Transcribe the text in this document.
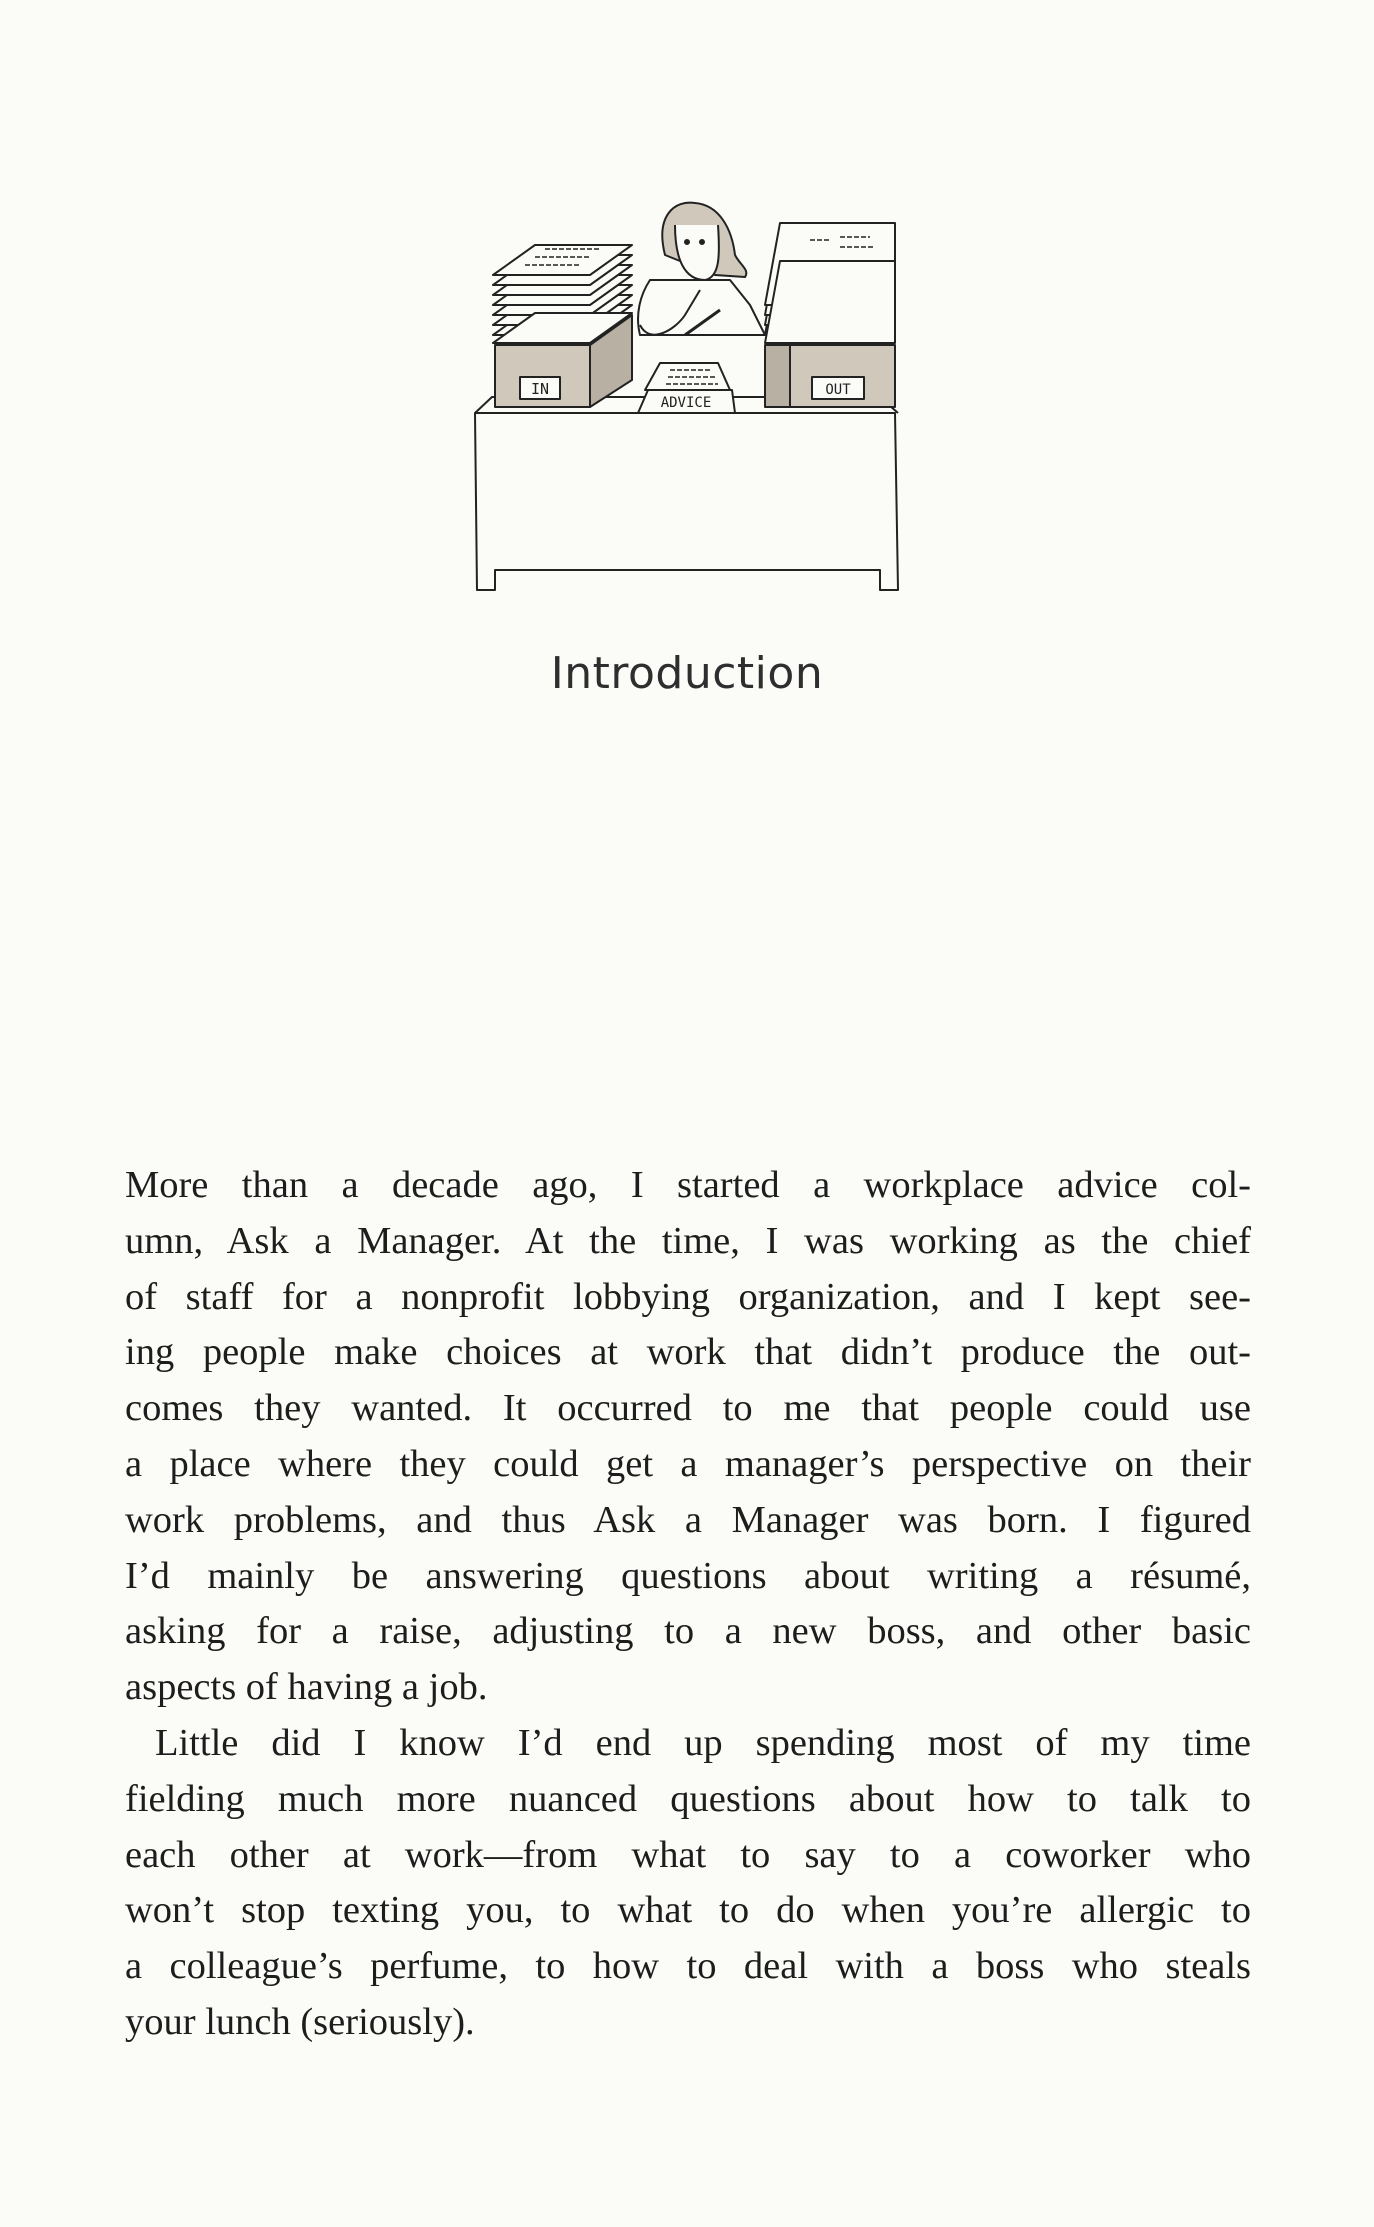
IN
ADVICE
OUT
Introduction
More than a decade ago, I started a workplace advice col-
umn, Ask a Manager. At the time, I was working as the chief
of staff for a nonprofit lobbying organization, and I kept see-
ing people make choices at work that didn’t produce the out-
comes they wanted. It occurred to me that people could use
a place where they could get a manager’s perspective on their
work problems, and thus Ask a Manager was born. I figured
I’d mainly be answering questions about writing a résumé,
asking for a raise, adjusting to a new boss, and other basic
aspects of having a job.
Little did I know I’d end up spending most of my time
fielding much more nuanced questions about how to talk to
each other at work—from what to say to a coworker who
won’t stop texting you, to what to do when you’re allergic to
a colleague’s perfume, to how to deal with a boss who steals
your lunch (seriously).
